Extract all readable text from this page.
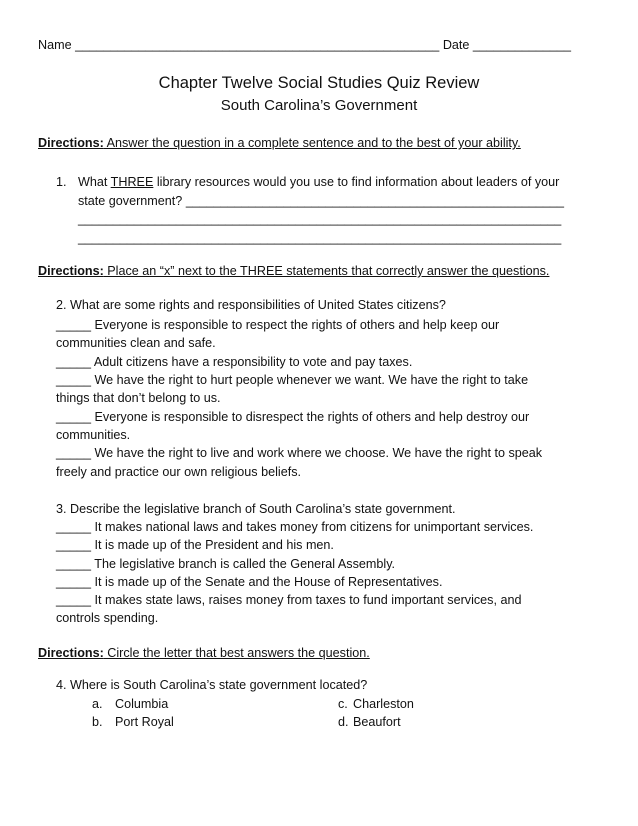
Name ____________________________________________________ Date ______________
Chapter Twelve Social Studies Quiz Review
South Carolina’s Government
Directions: Answer the question in a complete sentence and to the best of your ability.
1. What THREE library resources would you use to find information about leaders of your
state government? ______________________________________________________
_____________________________________________________________________
_____________________________________________________________________
Directions: Place an “x” next to the THREE statements that correctly answer the questions.
2. What are some rights and responsibilities of United States citizens?
_____ Everyone is responsible to respect the rights of others and help keep our
communities clean and safe.
_____ Adult citizens have a responsibility to vote and pay taxes.
_____ We have the right to hurt people whenever we want. We have the right to take
things that don’t belong to us.
_____ Everyone is responsible to disrespect the rights of others and help destroy our
communities.
_____ We have the right to live and work where we choose. We have the right to speak
freely and practice our own religious beliefs.
3. Describe the legislative branch of South Carolina’s state government.
_____ It makes national laws and takes money from citizens for unimportant services.
_____ It is made up of the President and his men.
_____ The legislative branch is called the General Assembly.
_____ It is made up of the Senate and the House of Representatives.
_____ It makes state laws, raises money from taxes to fund important services, and
controls spending.
Directions: Circle the letter that best answers the question.
4. Where is South Carolina’s state government located?
a. Columbia	c. Charleston
b. Port Royal	d. Beaufort
